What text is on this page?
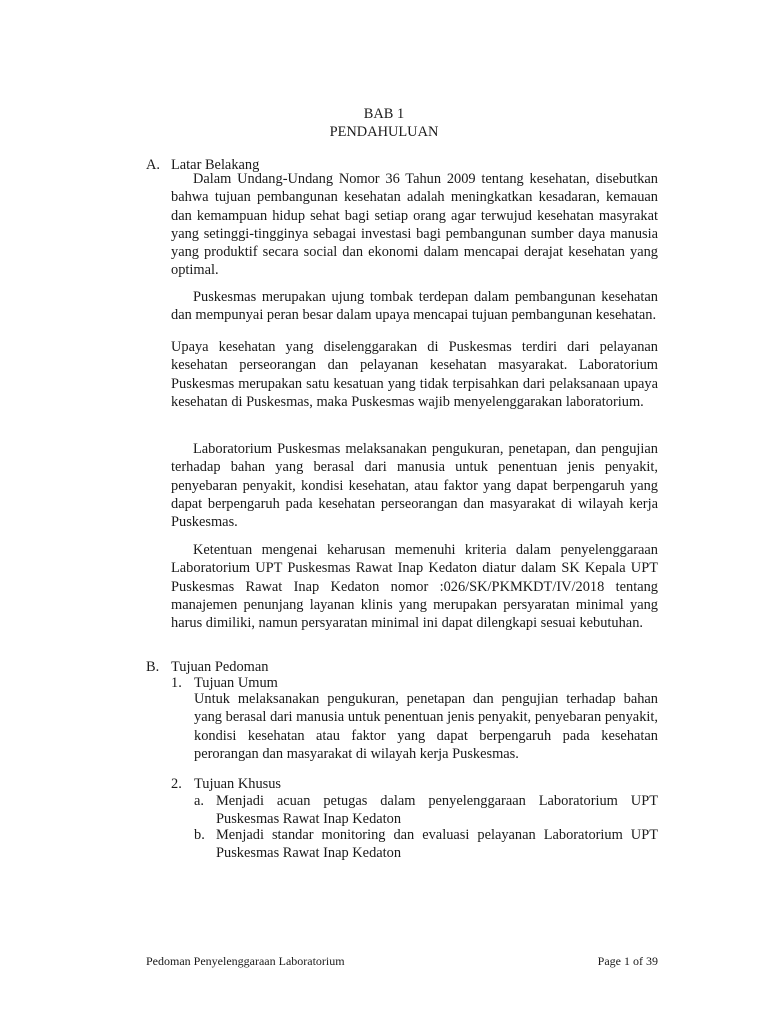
BAB 1
PENDAHULUAN
A. Latar Belakang

Dalam Undang-Undang Nomor 36 Tahun 2009 tentang kesehatan, disebutkan bahwa tujuan pembangunan kesehatan adalah meningkatkan kesadaran, kemauan dan kemampuan hidup sehat bagi setiap orang agar terwujud kesehatan masyrakat yang setinggi-tingginya sebagai investasi bagi pembangunan sumber daya manusia yang produktif secara social dan ekonomi dalam mencapai derajat kesehatan yang optimal.

Puskesmas merupakan ujung tombak terdepan dalam pembangunan kesehatan dan mempunyai peran besar dalam upaya mencapai tujuan pembangunan kesehatan.

Upaya kesehatan yang diselenggarakan di Puskesmas terdiri dari pelayanan kesehatan perseorangan dan pelayanan kesehatan masyarakat. Laboratorium Puskesmas merupakan satu kesatuan yang tidak terpisahkan dari pelaksanaan upaya kesehatan di Puskesmas, maka Puskesmas wajib menyelenggarakan laboratorium.

Laboratorium Puskesmas melaksanakan pengukuran, penetapan, dan pengujian terhadap bahan yang berasal dari manusia untuk penentuan jenis penyakit, penyebaran penyakit, kondisi kesehatan, atau faktor yang dapat berpengaruh yang dapat berpengaruh pada kesehatan perseorangan dan masyarakat di wilayah kerja Puskesmas.

Ketentuan mengenai keharusan memenuhi kriteria dalam penyelenggaraan Laboratorium UPT Puskesmas Rawat Inap Kedaton diatur dalam SK Kepala UPT Puskesmas Rawat Inap Kedaton nomor :026/SK/PKMKDT/IV/2018 tentang manajemen penunjang layanan klinis yang merupakan persyaratan minimal yang harus dimiliki, namun persyaratan minimal ini dapat dilengkapi sesuai kebutuhan.

B. Tujuan Pedoman
1. Tujuan Umum

Untuk melaksanakan pengukuran, penetapan dan pengujian terhadap bahan yang berasal dari manusia untuk penentuan jenis penyakit, penyebaran penyakit, kondisi kesehatan atau faktor yang dapat berpengaruh pada kesehatan perorangan dan masyarakat di wilayah kerja Puskesmas.

2. Tujuan Khusus
a. Menjadi acuan petugas dalam penyelenggaraan Laboratorium UPT Puskesmas Rawat Inap Kedaton

b. Menjadi standar monitoring dan evaluasi pelayanan Laboratorium UPT Puskesmas Rawat Inap Kedaton

Pedoman Penyelenggaraan Laboratorium	Page 1 of 39
